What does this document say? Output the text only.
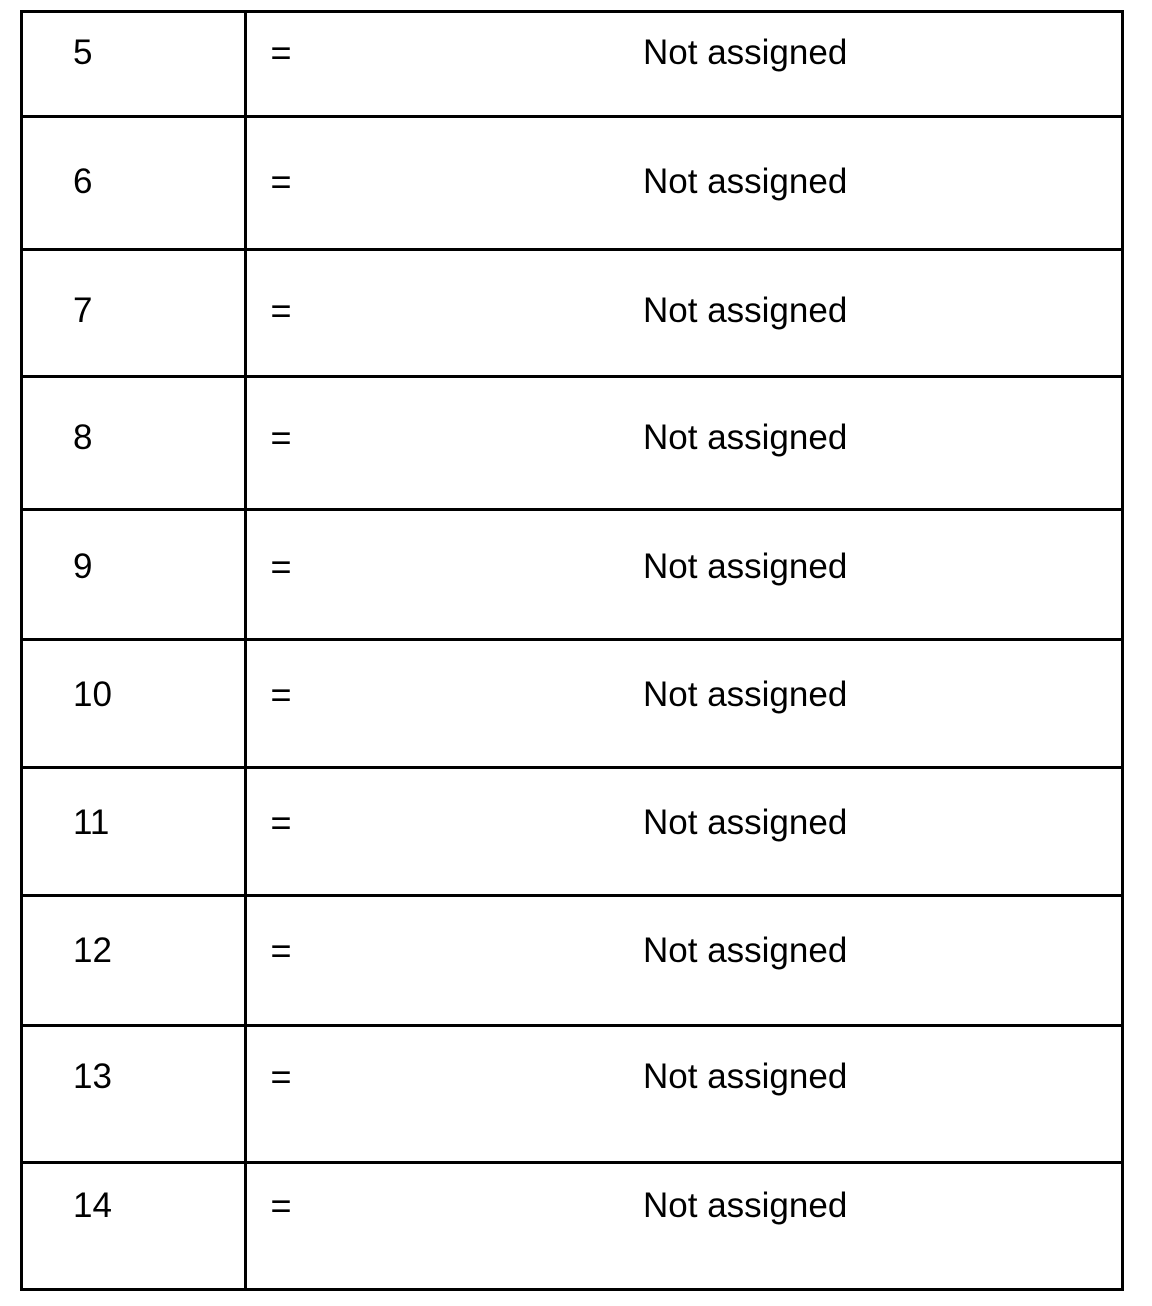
5	=	Not assigned
6	=	Not assigned
7	=	Not assigned
8	=	Not assigned
9	=	Not assigned
10	=	Not assigned
11	=	Not assigned
12	=	Not assigned
13	=	Not assigned
14	=	Not assigned
